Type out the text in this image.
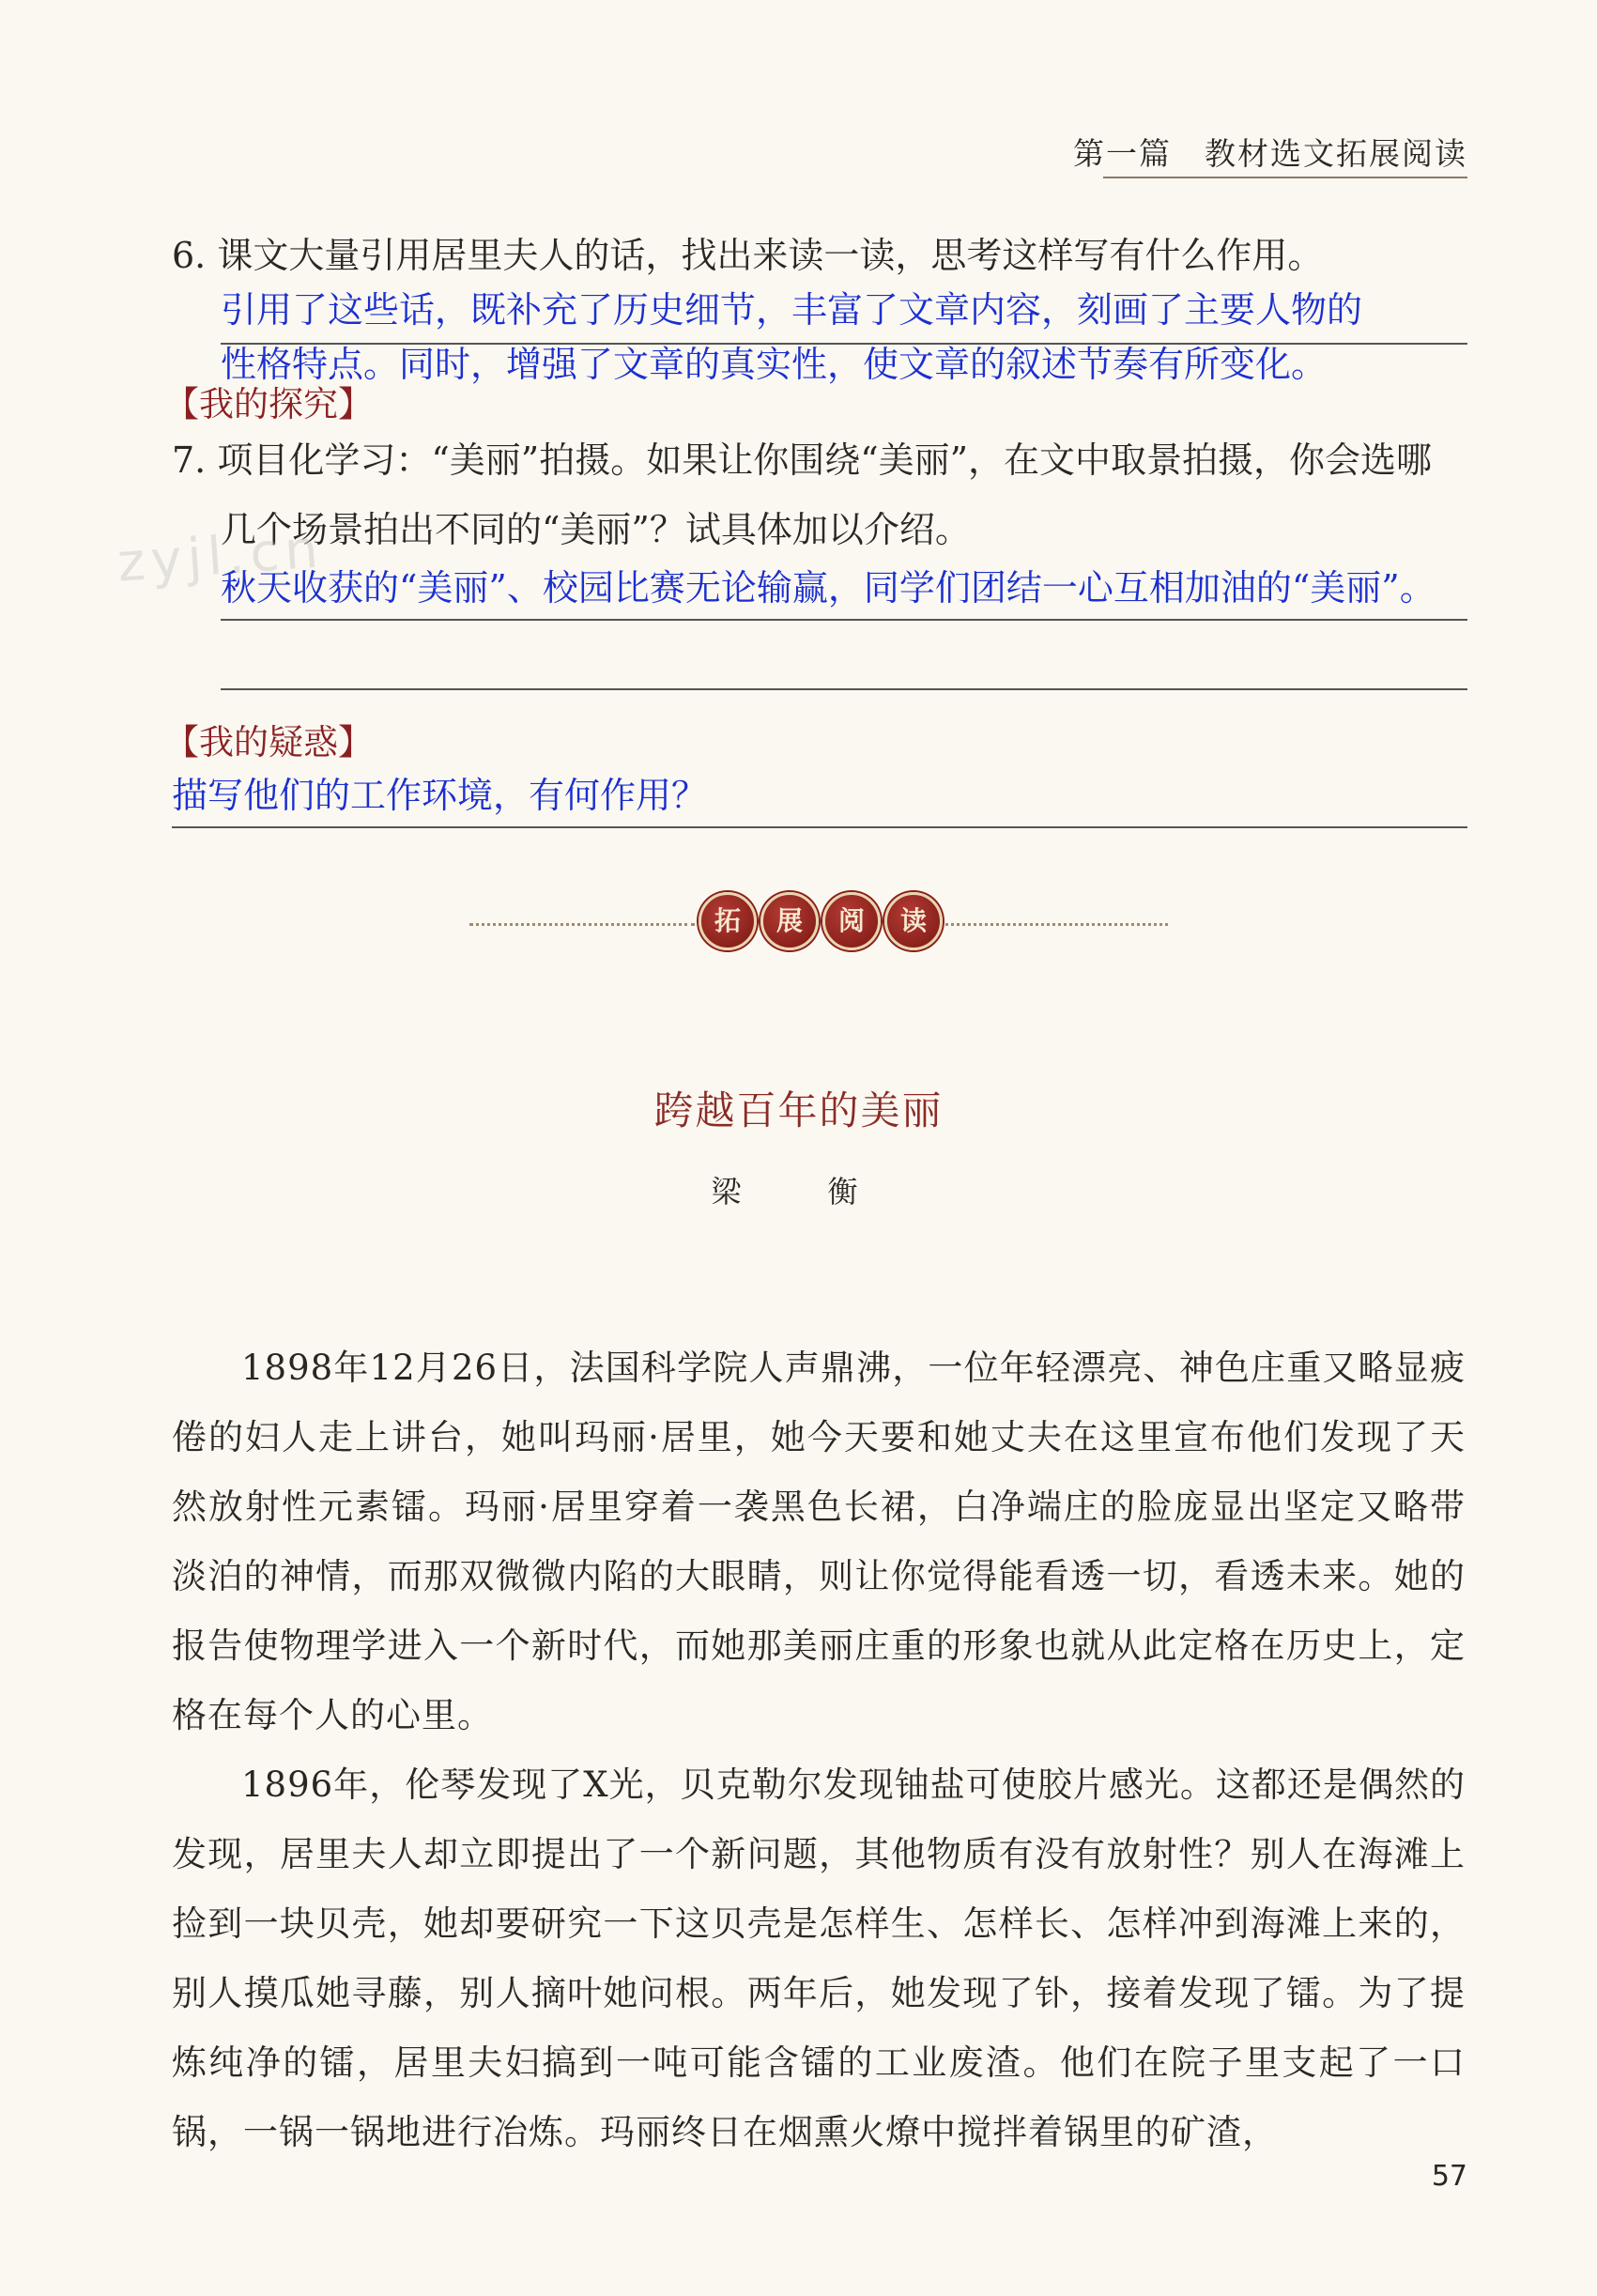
第一篇　教材选文拓展阅读
6. 课文大量引用居里夫人的话，找出来读一读，思考这样写有什么作用。
引用了这些话，既补充了历史细节，丰富了文章内容，刻画了主要人物的
性格特点。同时，增强了文章的真实性，使文章的叙述节奏有所变化。
【我的探究】
7. 项目化学习：“美丽”拍摄。如果让你围绕“美丽”，在文中取景拍摄，你会选哪
几个场景拍出不同的“美丽”？试具体加以介绍。
秋天收获的“美丽”、校园比赛无论输赢，同学们团结一心互相加油的“美丽”。
zyjl.cn
【我的疑惑】
描写他们的工作环境，有何作用？
拓	展	阅	读
跨越百年的美丽
梁　衡

1898年12月26日，法国科学院人声鼎沸，一位年轻漂亮、神色庄重又略显疲倦的妇人走上讲台，她叫玛丽·居里，她今天要和她丈夫在这里宣布他们发现了天然放射性元素镭。玛丽·居里穿着一袭黑色长裙，白净端庄的脸庞显出坚定又略带淡泊的神情，而那双微微内陷的大眼睛，则让你觉得能看透一切，看透未来。她的报告使物理学进入一个新时代，而她那美丽庄重的形象也就从此定格在历史上，定格在每个人的心里。

1896年，伦琴发现了X光，贝克勒尔发现铀盐可使胶片感光。这都还是偶然的发现，居里夫人却立即提出了一个新问题，其他物质有没有放射性？别人在海滩上捡到一块贝壳，她却要研究一下这贝壳是怎样生、怎样长、怎样冲到海滩上来的，别人摸瓜她寻藤，别人摘叶她问根。两年后，她发现了钋，接着发现了镭。为了提炼纯净的镭，居里夫妇搞到一吨可能含镭的工业废渣。他们在院子里支起了一口锅，一锅一锅地进行冶炼。玛丽终日在烟熏火燎中搅拌着锅里的矿渣，

57
